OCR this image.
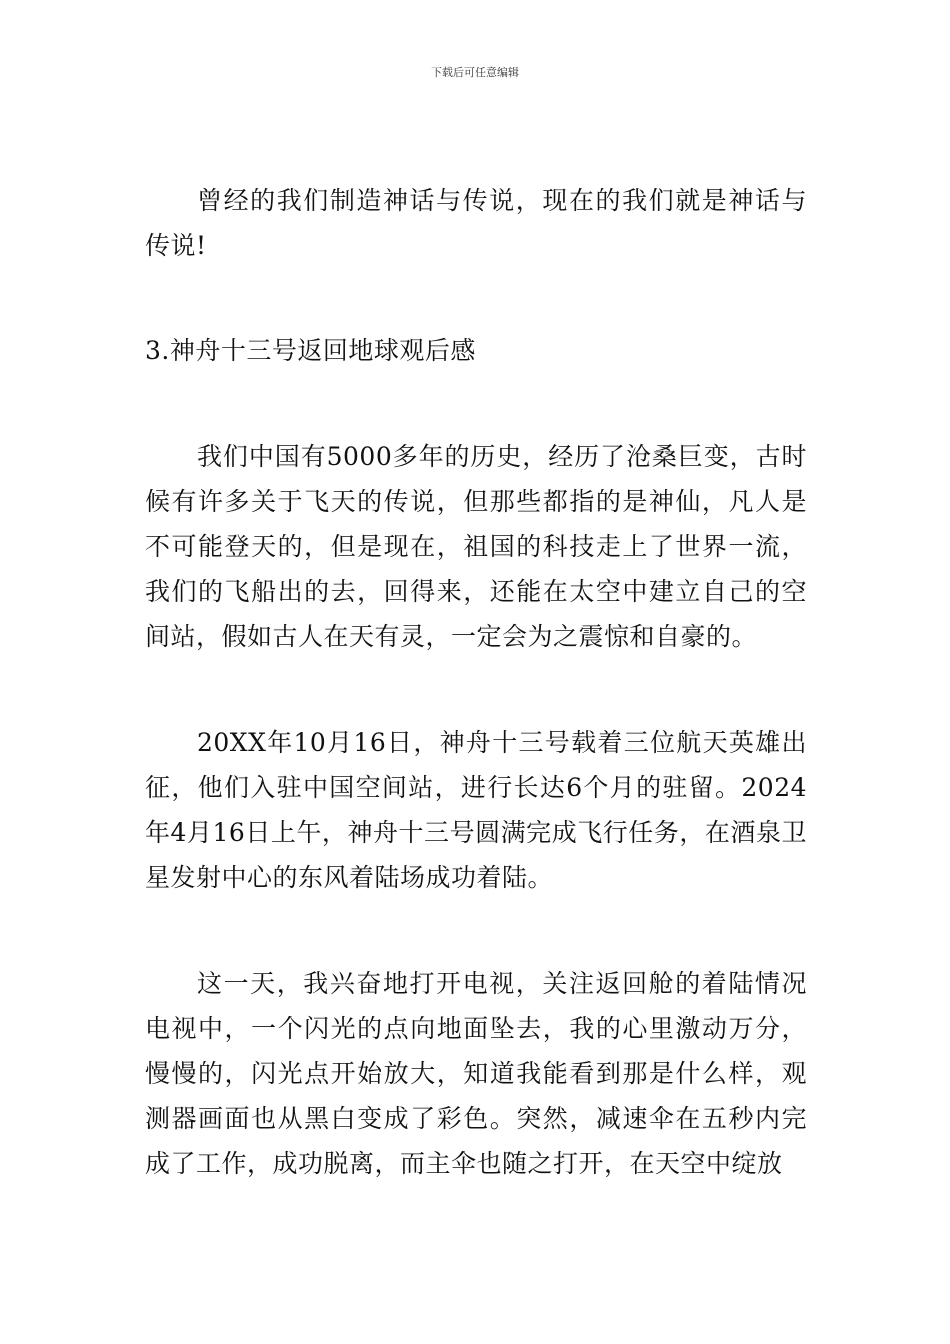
下载后可任意编辑

曾经的我们制造神话与传说，现在的我们就是神话与传说!

3.神舟十三号返回地球观后感

我们中国有5000多年的历史，经历了沧桑巨变，古时候有许多关于飞天的传说，但那些都指的是神仙，凡人是不可能登天的，但是现在，祖国的科技走上了世界一流，我们的飞船出的去，回得来，还能在太空中建立自己的空间站，假如古人在天有灵，一定会为之震惊和自豪的。

20XX年10月16日，神舟十三号载着三位航天英雄出征，他们入驻中国空间站，进行长达6个月的驻留。2024年4月16日上午，神舟十三号圆满完成飞行任务，在酒泉卫星发射中心的东风着陆场成功着陆。

这一天，我兴奋地打开电视，关注返回舱的着陆情况电视中，一个闪光的点向地面坠去，我的心里激动万分，慢慢的，闪光点开始放大，知道我能看到那是什么样，观测器画面也从黑白变成了彩色。突然，减速伞在五秒内完成了工作，成功脱离，而主伞也随之打开，在天空中绽放
